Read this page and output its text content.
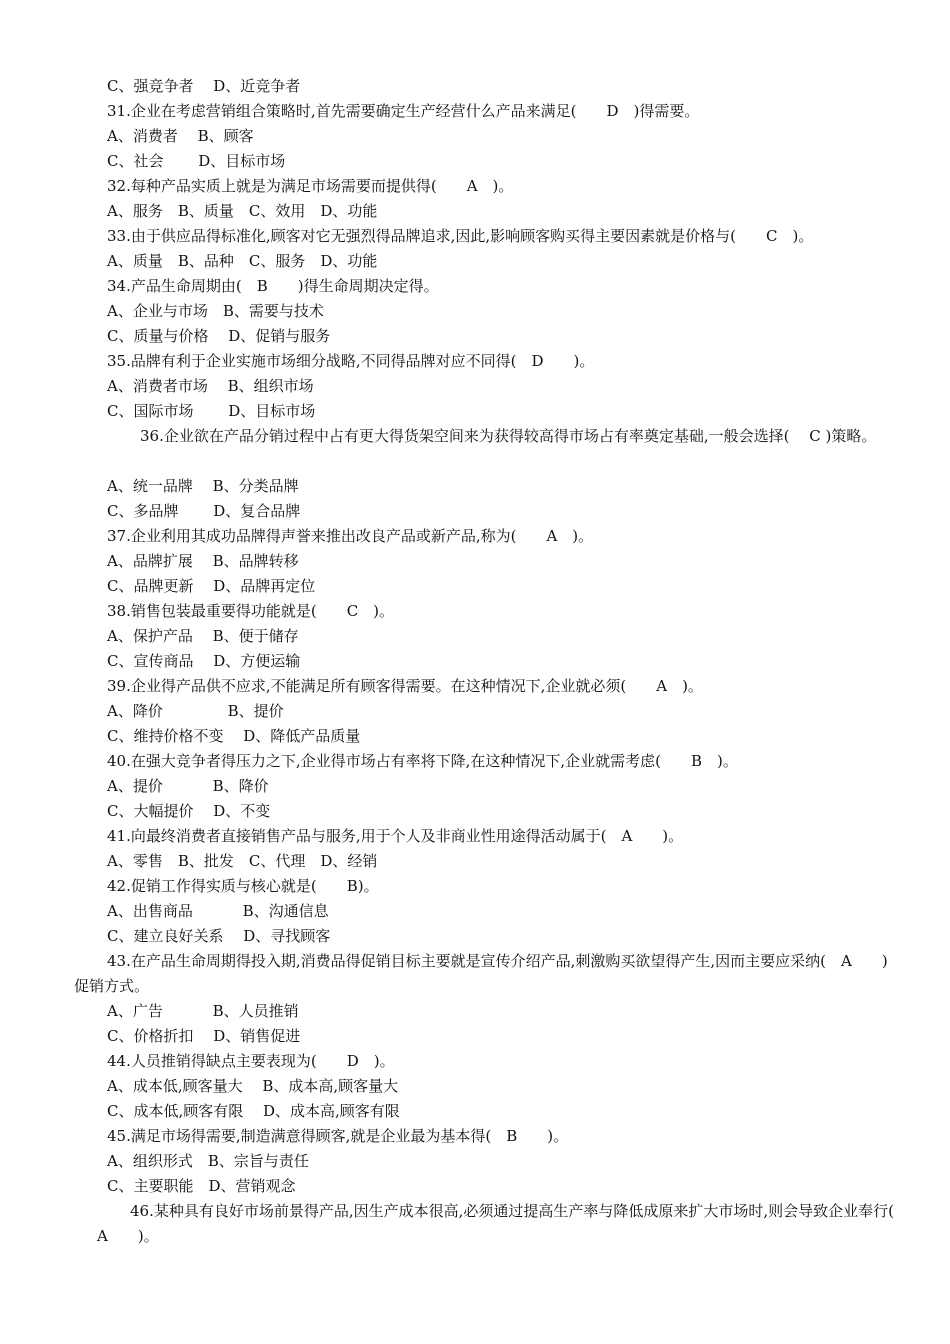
C、强竞争者　 D、近竞争者
31.企业在考虑营销组合策略时,首先需要确定生产经营什么产品来满足(　　D　)得需要。
A、消费者　 B、顾客
C、社会　　 D、目标市场
32.每种产品实质上就是为满足市场需要而提供得(　　A　)。
A、服务　B、质量　C、效用　D、功能
33.由于供应品得标准化,顾客对它无强烈得品牌追求,因此,影响顾客购买得主要因素就是价格与(　　C　)。
A、质量　B、品种　C、服务　D、功能
34.产品生命周期由(　B　　)得生命周期决定得。
A、企业与市场　B、需要与技术
C、质量与价格　 D、促销与服务
35.品牌有利于企业实施市场细分战略,不同得品牌对应不同得(　D　　)。
A、消费者市场　 B、组织市场
C、国际市场　　 D、目标市场
36.企业欲在产品分销过程中占有更大得货架空间来为获得较高得市场占有率奠定基础,一般会选择(　 C )策略。
A、统一品牌　 B、分类品牌
C、多品牌　　 D、复合品牌
37.企业利用其成功品牌得声誉来推出改良产品或新产品,称为(　　A　)。
A、品牌扩展　 B、品牌转移
C、品牌更新　 D、品牌再定位
38.销售包装最重要得功能就是(　　C　)。
A、保护产品　 B、便于储存
C、宣传商品　 D、方便运输
39.企业得产品供不应求,不能满足所有顾客得需要。在这种情况下,企业就必须(　　A　)。
A、降价　　　　 B、提价
C、维持价格不变　 D、降低产品质量
40.在强大竞争者得压力之下,企业得市场占有率将下降,在这种情况下,企业就需考虑(　　B　)。
A、提价　　　 B、降价
C、大幅提价　 D、不变
41.向最终消费者直接销售产品与服务,用于个人及非商业性用途得活动属于(　A　　)。
A、零售　B、批发　C、代理　D、经销
42.促销工作得实质与核心就是(　　B)。
A、出售商品　　　 B、沟通信息
C、建立良好关系　 D、寻找顾客
43.在产品生命周期得投入期,消费品得促销目标主要就是宣传介绍产品,刺激购买欲望得产生,因而主要应采纳(　A　　)促销方式。
A、广告　　　 B、人员推销
C、价格折扣　 D、销售促进
44.人员推销得缺点主要表现为(　　D　)。
A、成本低,顾客量大　 B、成本高,顾客量大
C、成本低,顾客有限　 D、成本高,顾客有限
45.满足市场得需要,制造满意得顾客,就是企业最为基本得(　B　　)。
A、组织形式　B、宗旨与责任
C、主要职能　D、营销观念
46.某种具有良好市场前景得产品,因生产成本很高,必须通过提高生产率与降低成原来扩大市场时,则会导致企业奉行(　A　　)。
